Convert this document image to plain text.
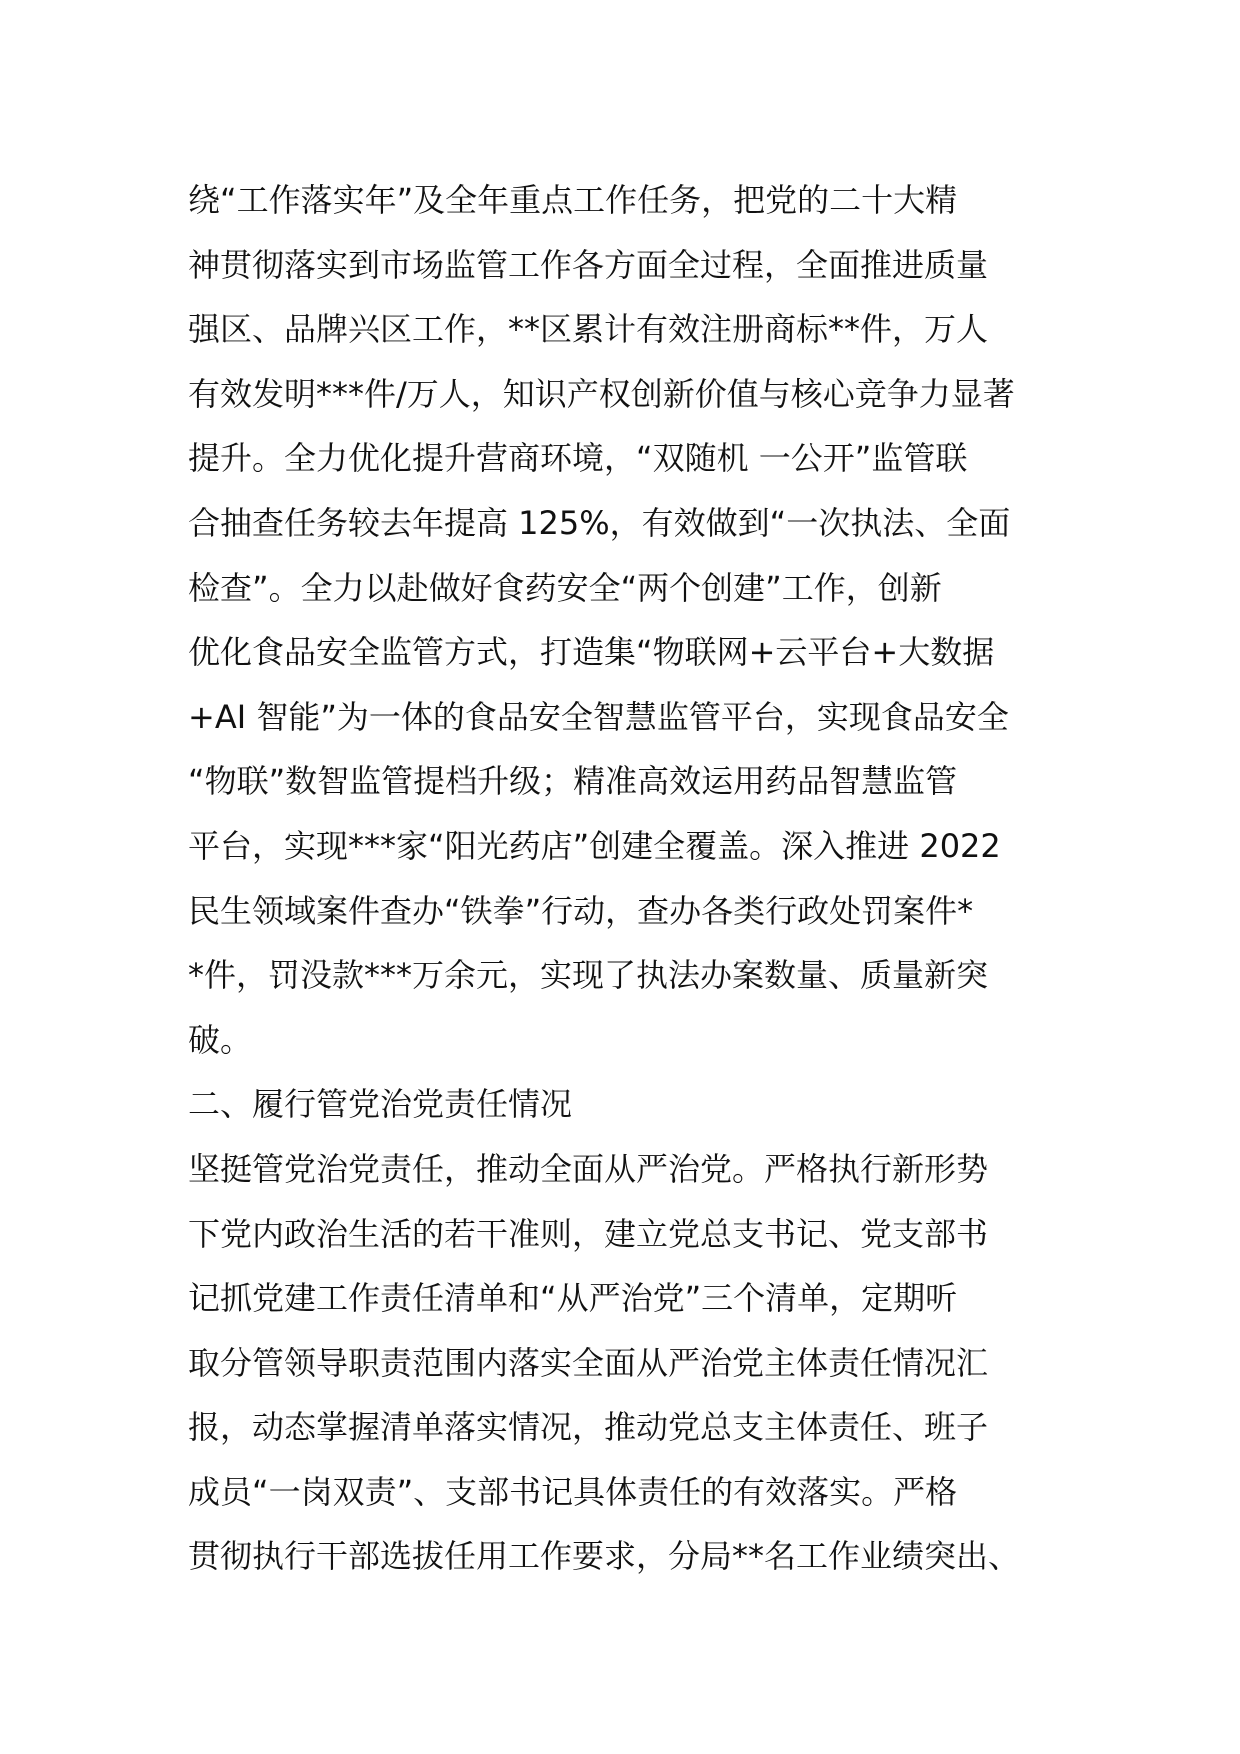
绕“工作落实年”及全年重点工作任务，把党的二十大精
神贯彻落实到市场监管工作各方面全过程，全面推进质量
强区、品牌兴区工作，**区累计有效注册商标**件，万人
有效发明***件/万人，知识产权创新价值与核心竞争力显著
提升。全力优化提升营商环境，“双随机 一公开”监管联
合抽查任务较去年提高 125%，有效做到“一次执法、全面
检查”。全力以赴做好食药安全“两个创建”工作，创新
优化食品安全监管方式，打造集“物联网+云平台+大数据
+AI 智能”为一体的食品安全智慧监管平台，实现食品安全
“物联”数智监管提档升级；精准高效运用药品智慧监管
平台，实现***家“阳光药店”创建全覆盖。深入推进 2022
民生领域案件查办“铁拳”行动，查办各类行政处罚案件*
*件，罚没款***万余元，实现了执法办案数量、质量新突
破。
二、履行管党治党责任情况
坚挺管党治党责任，推动全面从严治党。严格执行新形势
下党内政治生活的若干准则，建立党总支书记、党支部书
记抓党建工作责任清单和“从严治党”三个清单，定期听
取分管领导职责范围内落实全面从严治党主体责任情况汇
报，动态掌握清单落实情况，推动党总支主体责任、班子
成员“一岗双责”、支部书记具体责任的有效落实。严格
贯彻执行干部选拔任用工作要求，分局**名工作业绩突出、
